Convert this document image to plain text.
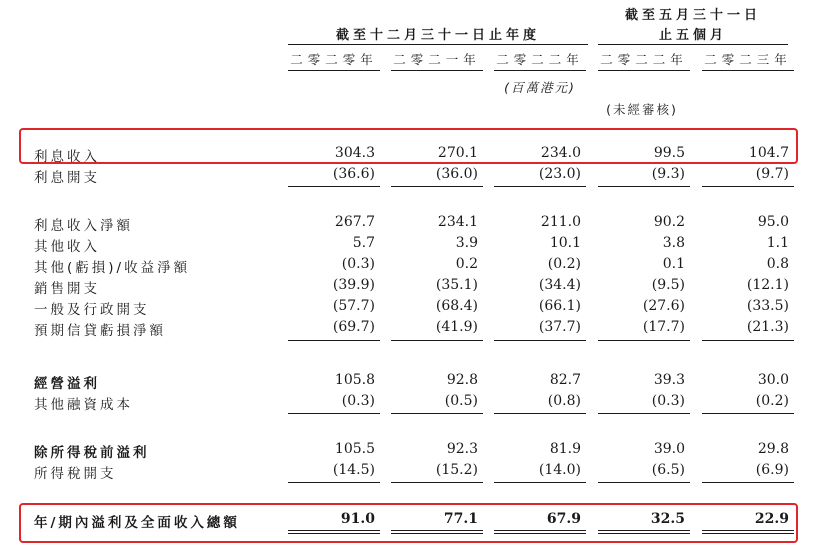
截至十二月三十一日止年度
截至五月三十一日
止五個月
二零二零年	二零二一年	二零二二年	二零二二年	二零二三年
(百萬港元)
(未經審核)
利息收入	304.3	270.1	234.0	99.5	104.7
利息開支	(36.6)	(36.0)	(23.0)	(9.3)	(9.7)
利息收入淨額	267.7	234.1	211.0	90.2	95.0
其他收入	5.7	3.9	10.1	3.8	1.1
其他(虧損)/收益淨額	(0.3)	0.2	(0.2)	0.1	0.8
銷售開支	(39.9)	(35.1)	(34.4)	(9.5)	(12.1)
一般及行政開支	(57.7)	(68.4)	(66.1)	(27.6)	(33.5)
預期信貸虧損淨額	(69.7)	(41.9)	(37.7)	(17.7)	(21.3)
經營溢利	105.8	92.8	82.7	39.3	30.0
其他融資成本	(0.3)	(0.5)	(0.8)	(0.3)	(0.2)
除所得稅前溢利	105.5	92.3	81.9	39.0	29.8
所得稅開支	(14.5)	(15.2)	(14.0)	(6.5)	(6.9)
年/期內溢利及全面收入總額	91.0	77.1	67.9	32.5	22.9
